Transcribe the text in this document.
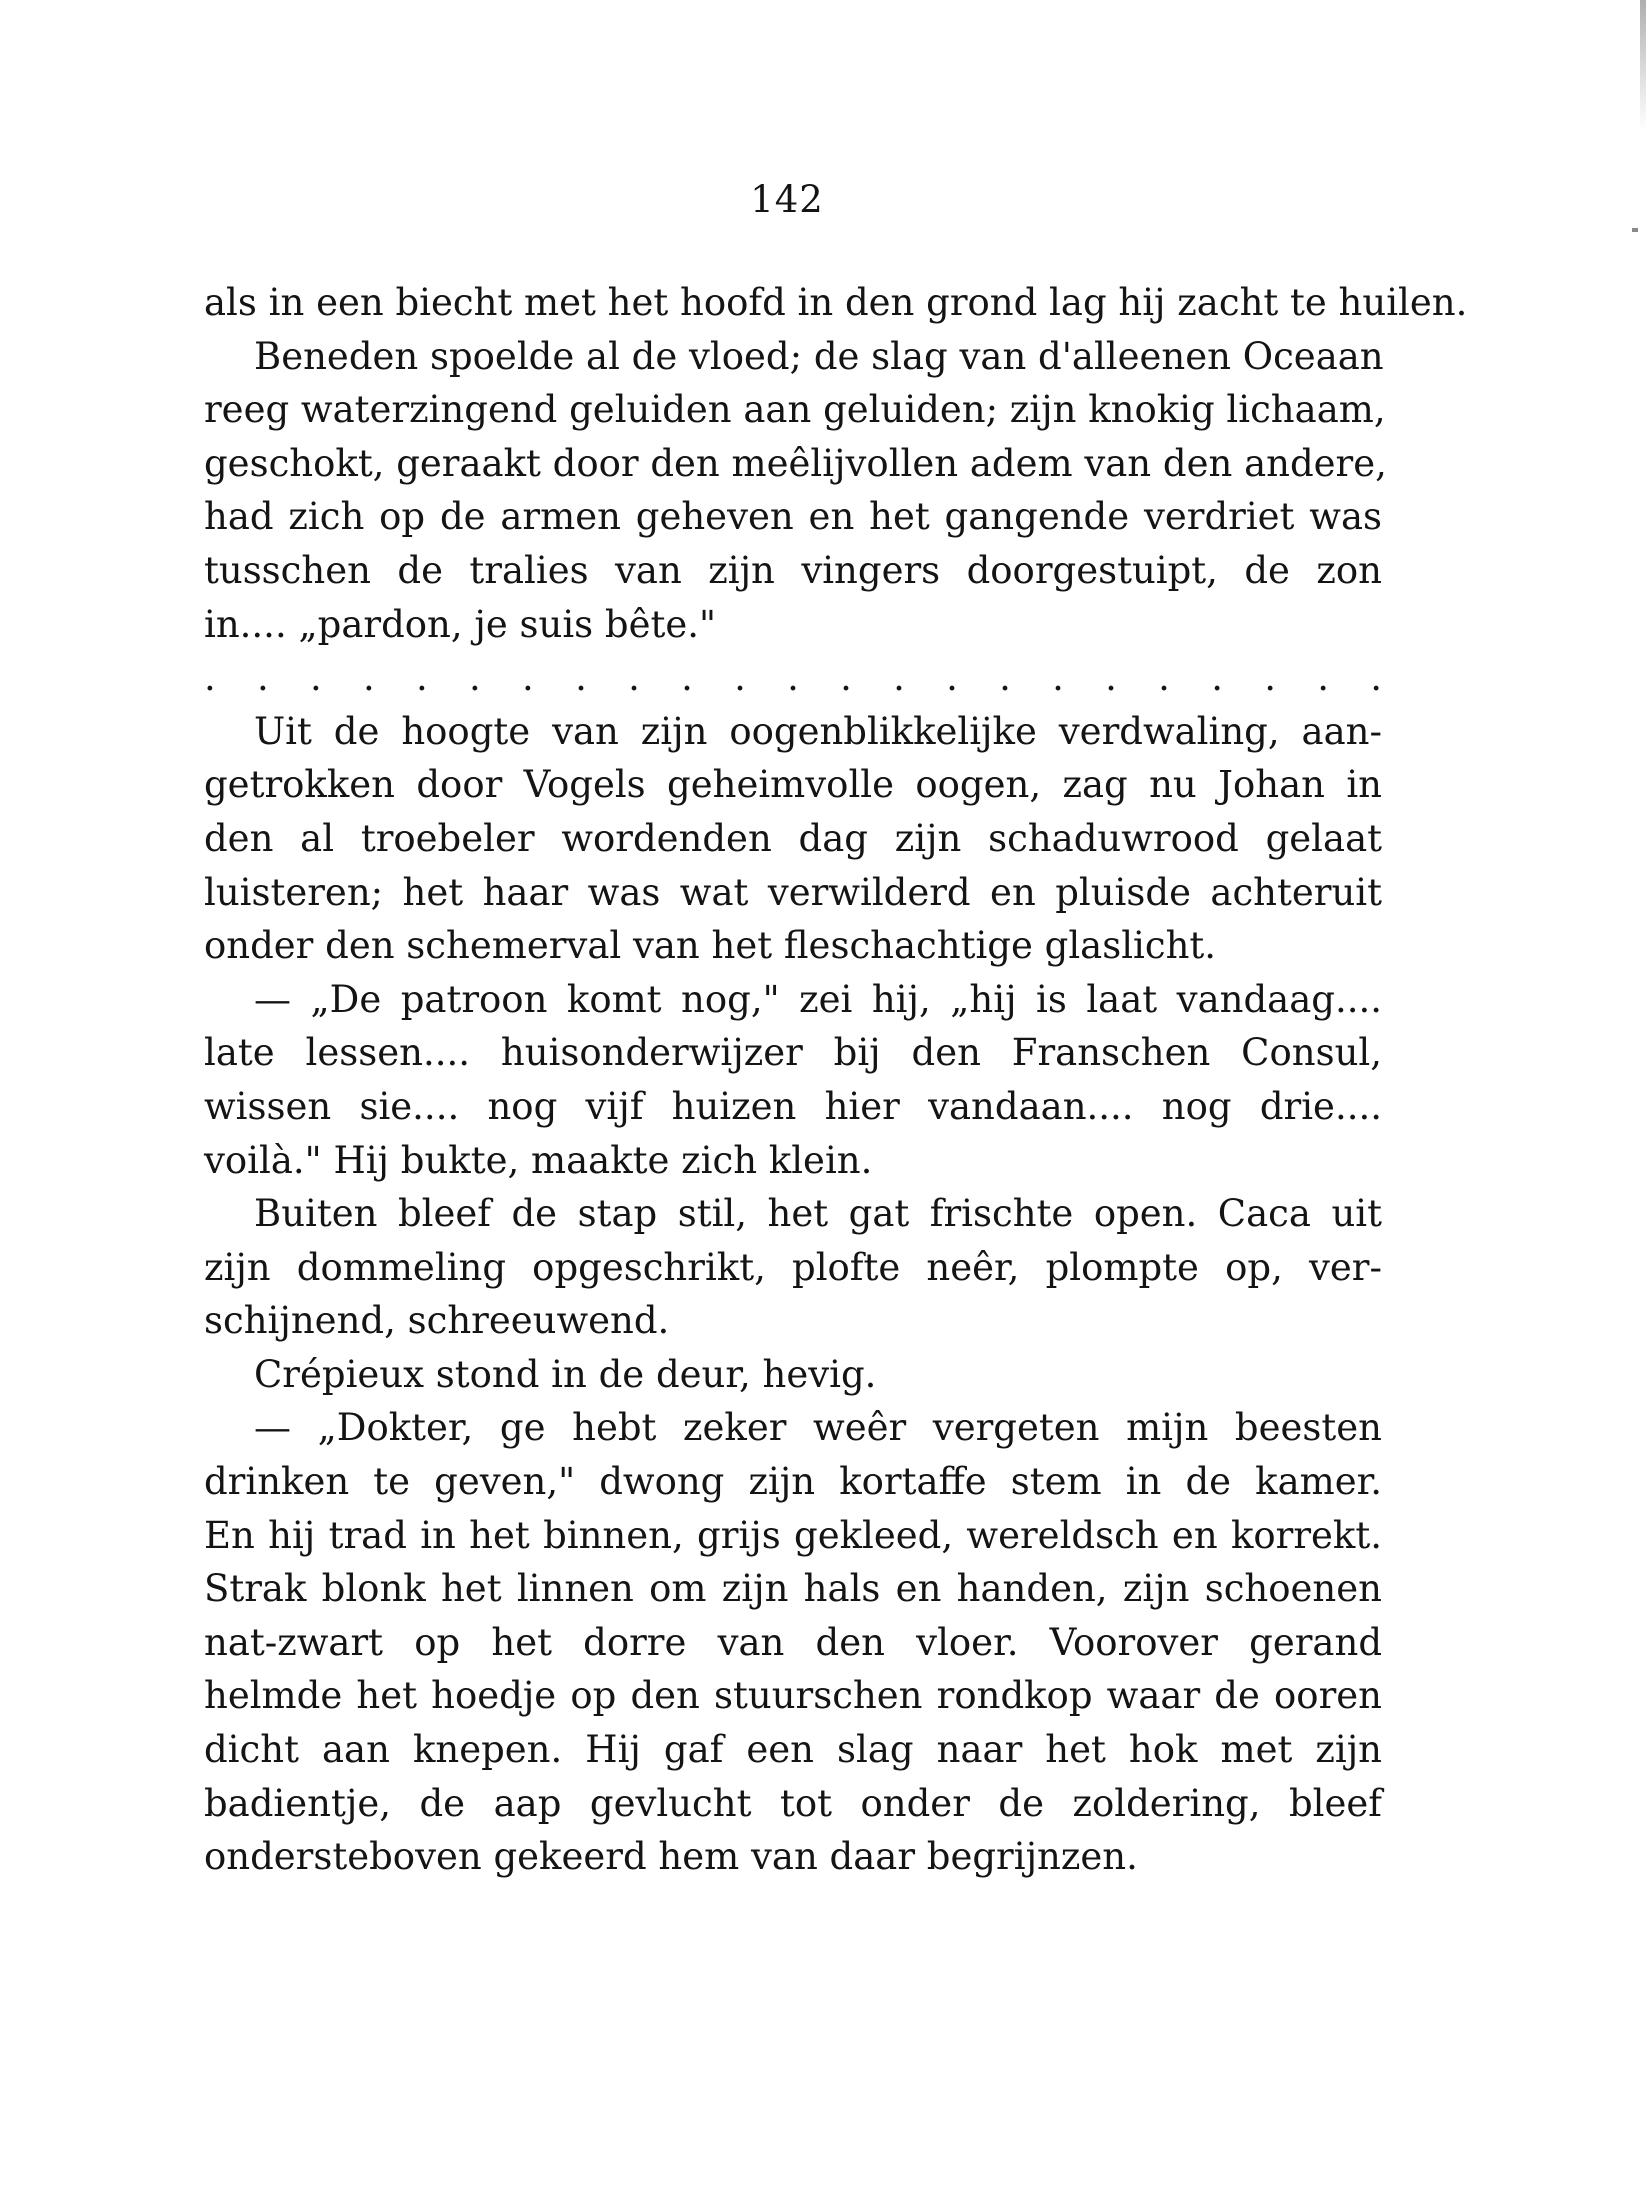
142
als in een biecht met het hoofd in den grond lag hij zacht te huilen.
Beneden spoelde al de vloed; de slag van d'alleenen Oceaan
reeg waterzingend geluiden aan geluiden; zijn knokig lichaam,
geschokt, geraakt door den meêlijvollen adem van den andere,
had zich op de armen geheven en het gangende verdriet was
tusschen de tralies van zijn vingers doorgestuipt, de zon
in.... „pardon, je suis bête."
. . . . . . . . . . . . . . . . . . . . . . .
Uit de hoogte van zijn oogenblikkelijke verdwaling, aan-
getrokken door Vogels geheimvolle oogen, zag nu Johan in
den al troebeler wordenden dag zijn schaduwrood gelaat
luisteren; het haar was wat verwilderd en pluisde achteruit
onder den schemerval van het fleschachtige glaslicht.
— „De patroon komt nog," zei hij, „hij is laat vandaag....
late lessen.... huisonderwijzer bij den Franschen Consul,
wissen sie.... nog vijf huizen hier vandaan.... nog drie....
voilà." Hij bukte, maakte zich klein.
Buiten bleef de stap stil, het gat frischte open. Caca uit
zijn dommeling opgeschrikt, plofte neêr, plompte op, ver-
schijnend, schreeuwend.
Crépieux stond in de deur, hevig.
— „Dokter, ge hebt zeker weêr vergeten mijn beesten
drinken te geven," dwong zijn kortaffe stem in de kamer.
En hij trad in het binnen, grijs gekleed, wereldsch en korrekt.
Strak blonk het linnen om zijn hals en handen, zijn schoenen
nat-zwart op het dorre van den vloer. Voorover gerand
helmde het hoedje op den stuurschen rondkop waar de ooren
dicht aan knepen. Hij gaf een slag naar het hok met zijn
badientje, de aap gevlucht tot onder de zoldering, bleef
ondersteboven gekeerd hem van daar begrijnzen.
